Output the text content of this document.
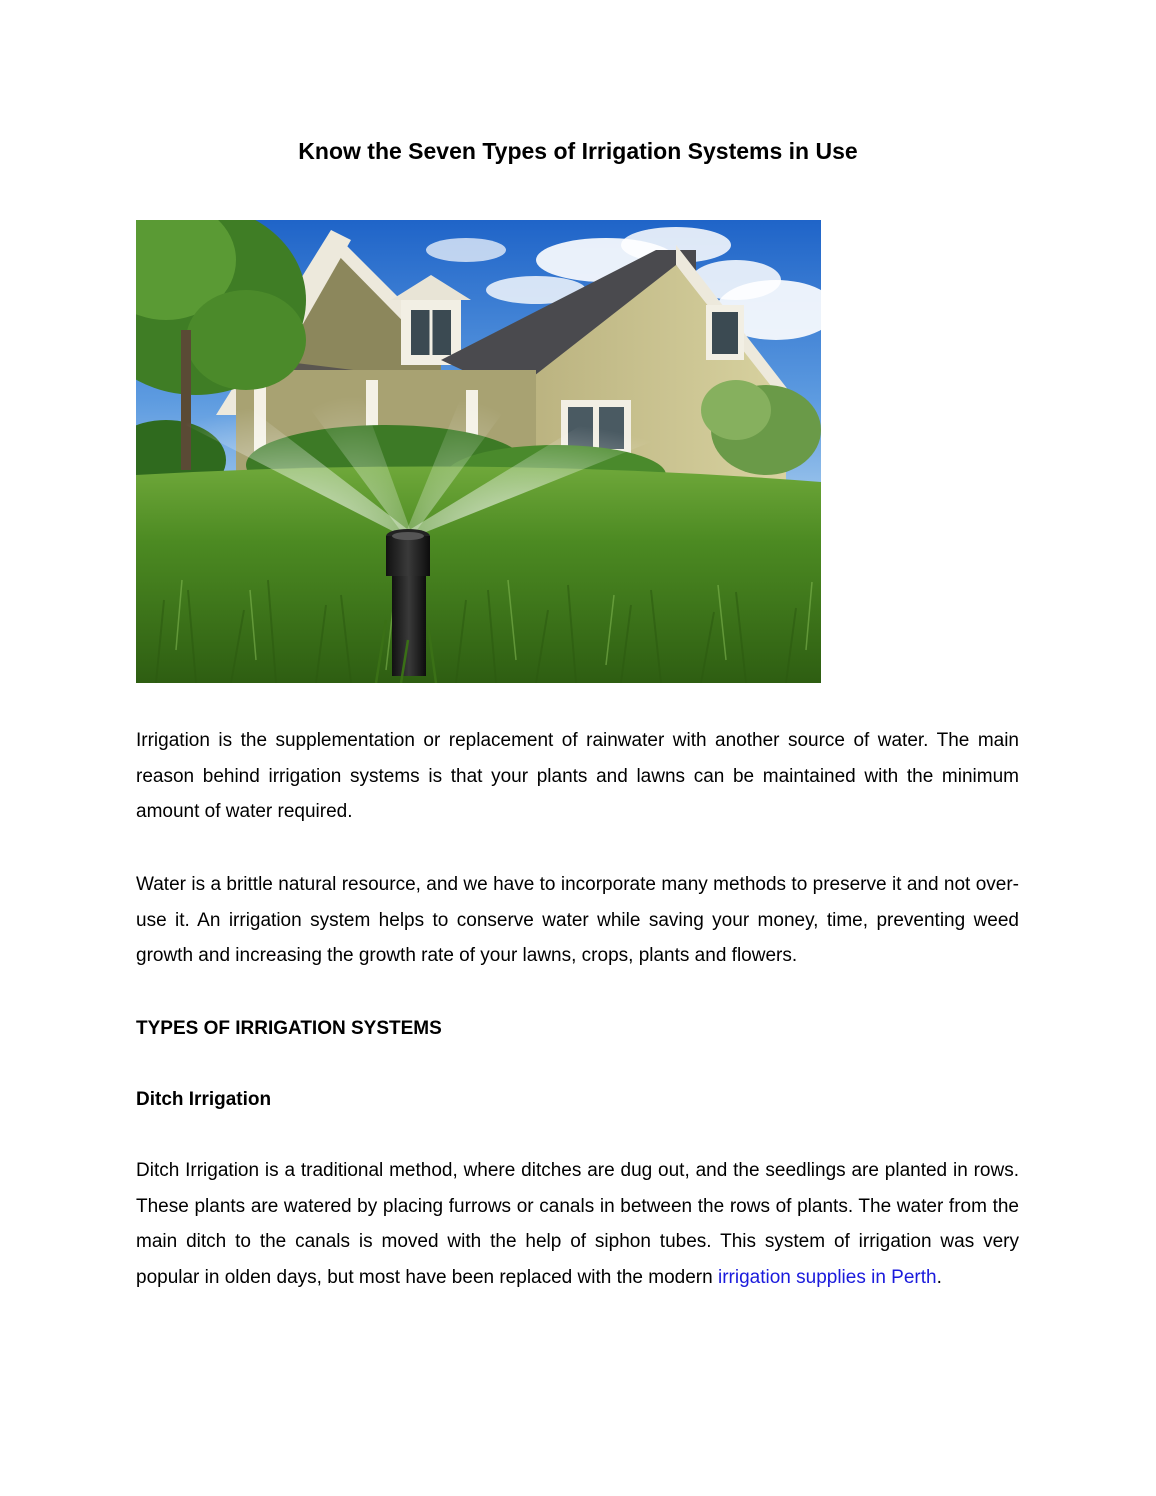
Know the Seven Types of Irrigation Systems in Use

Irrigation is the supplementation or replacement of rainwater with another source of water. The main reason behind irrigation systems is that your plants and lawns can be maintained with the minimum amount of water required.

Water is a brittle natural resource, and we have to incorporate many methods to preserve it and not over-use it. An irrigation system helps to conserve water while saving your money, time, preventing weed growth and increasing the growth rate of your lawns, crops, plants and flowers.

TYPES OF IRRIGATION SYSTEMS
Ditch Irrigation

Ditch Irrigation is a traditional method, where ditches are dug out, and the seedlings are planted in rows. These plants are watered by placing furrows or canals in between the rows of plants. The water from the main ditch to the canals is moved with the help of siphon tubes. This system of irrigation was very popular in olden days, but most have been replaced with the modern irrigation supplies in Perth.
